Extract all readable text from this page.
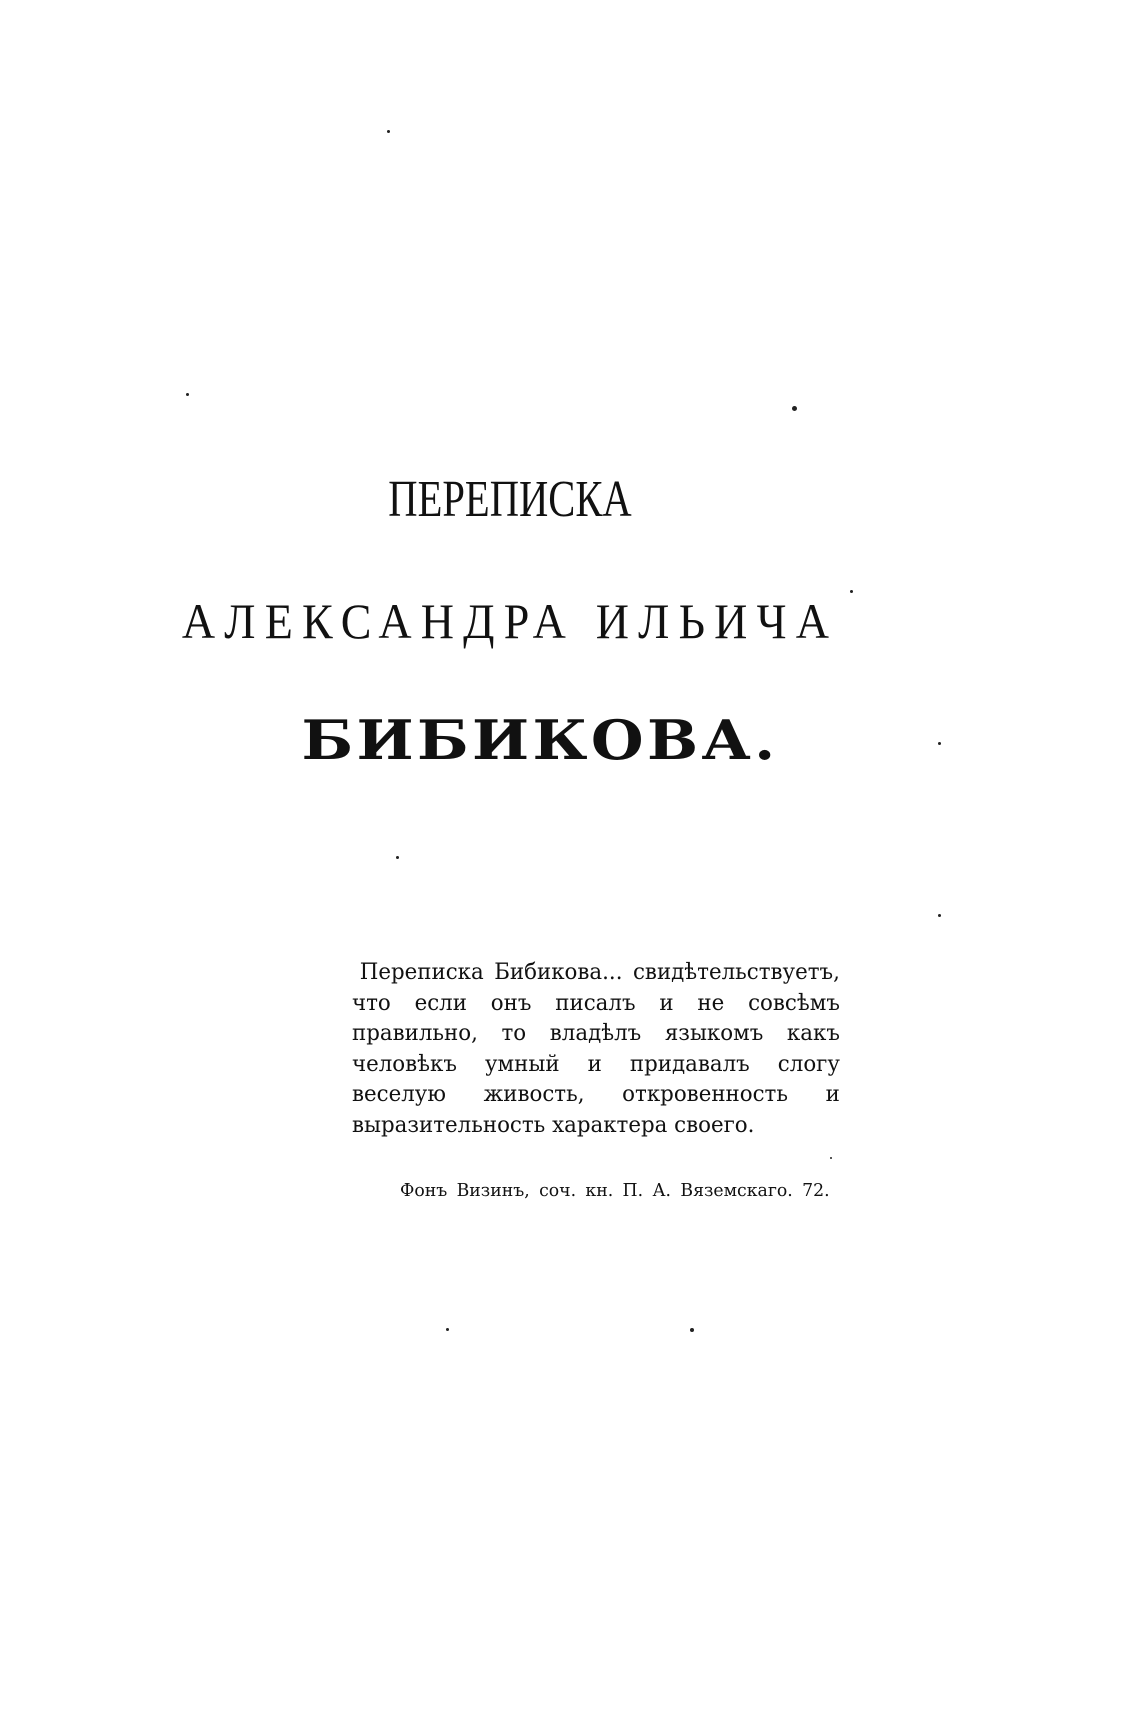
ПЕРЕПИСКА
АЛЕКСАНДРА ИЛЬИЧА
БИБИКОВА.
Переписка Бибикова... свидѣтельствуетъ, что если онъ писалъ и не совсѣмъ правильно, то владѣлъ языкомъ какъ человѣкъ умный и придавалъ слогу веселую живость, откровенность и выразительность характера своего.
Фонъ Визинъ, соч. кн. П. А. Вяземскаго. 72.
